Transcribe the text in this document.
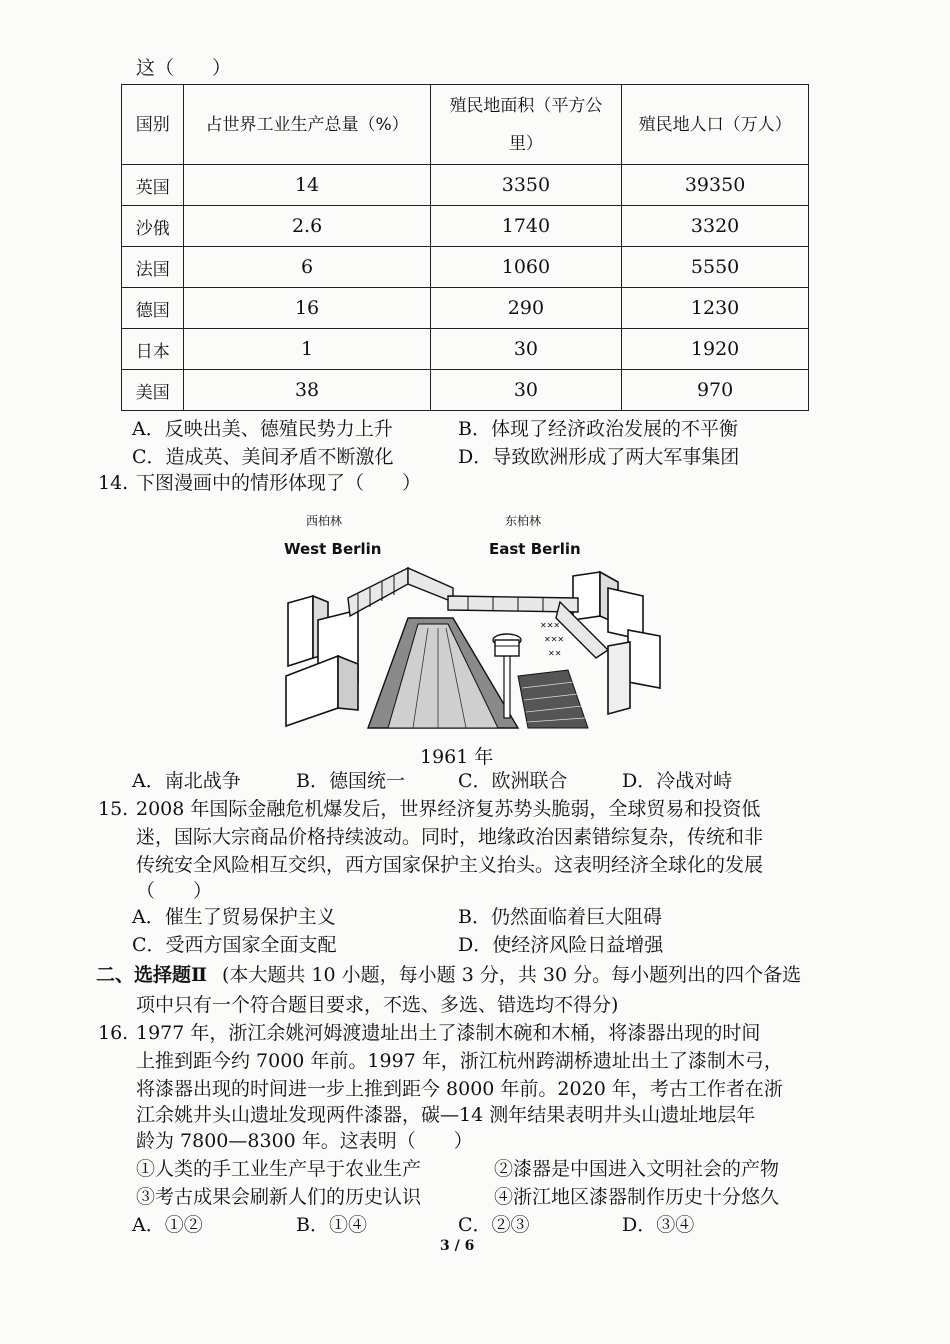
这（　　）
国别	占世界工业生产总量（%）	殖民地面积（平方公里）	殖民地人口（万人）
英国	14	3350	39350
沙俄	2.6	1740	3320
法国	6	1060	5550
德国	16	290	1230
日本	1	30	1920
美国	38	30	970
A．反映出美、德殖民势力上升	B．体现了经济政治发展的不平衡
C．造成英、美间矛盾不断激化	D．导致欧洲形成了两大军事集团
14. 下图漫画中的情形体现了（　　）
西柏林	东柏林
West Berlin	East Berlin
✕✕✕
✕✕✕
✕✕
1961 年
A．南北战争	B．德国统一	C．欧洲联合	D．冷战对峙
15. 2008 年国际金融危机爆发后，世界经济复苏势头脆弱，全球贸易和投资低
迷，国际大宗商品价格持续波动。同时，地缘政治因素错综复杂，传统和非
传统安全风险相互交织，西方国家保护主义抬头。这表明经济全球化的发展
（　　）
A．催生了贸易保护主义	B．仍然面临着巨大阻碍
C．受西方国家全面支配	D．使经济风险日益增强
二、选择题Ⅱ (本大题共 10 小题，每小题 3 分，共 30 分。每小题列出的四个备选
项中只有一个符合题目要求，不选、多选、错选均不得分)
16. 1977 年，浙江余姚河姆渡遗址出土了漆制木碗和木桶，将漆器出现的时间
上推到距今约 7000 年前。1997 年，浙江杭州跨湖桥遗址出土了漆制木弓，
将漆器出现的时间进一步上推到距今 8000 年前。2020 年，考古工作者在浙
江余姚井头山遗址发现两件漆器，碳—14 测年结果表明井头山遗址地层年
龄为 7800—8300 年。这表明（　　）
①人类的手工业生产早于农业生产	②漆器是中国进入文明社会的产物
③考古成果会刷新人们的历史认识	④浙江地区漆器制作历史十分悠久
A．①②	B．①④	C．②③	D．③④
3 / 6
